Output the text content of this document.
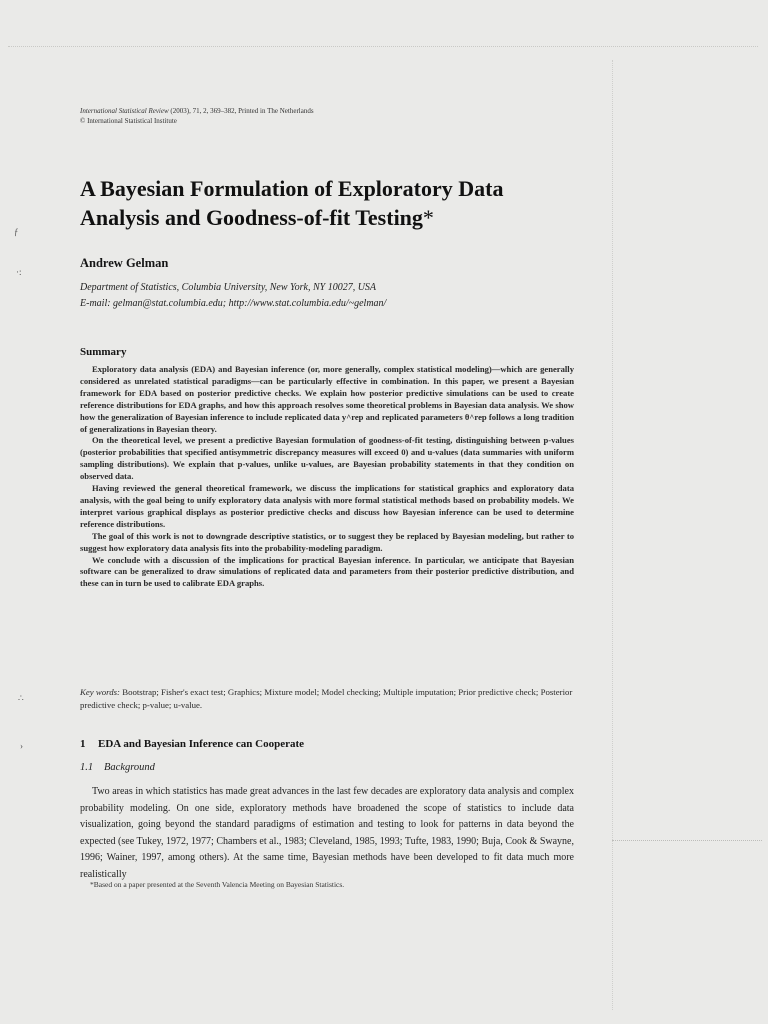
ƒ
·:
∴
›
International Statistical Review (2003), 71, 2, 369–382, Printed in The Netherlands
© International Statistical Institute
A Bayesian Formulation of Exploratory Data Analysis and Goodness-of-fit Testing*
Andrew Gelman
Department of Statistics, Columbia University, New York, NY 10027, USA
E-mail: gelman@stat.columbia.edu; http://www.stat.columbia.edu/~gelman/
Summary

Exploratory data analysis (EDA) and Bayesian inference (or, more generally, complex statistical modeling)—which are generally considered as unrelated statistical paradigms—can be particularly effective in combination. In this paper, we present a Bayesian framework for EDA based on posterior predictive checks. We explain how posterior predictive simulations can be used to create reference distributions for EDA graphs, and how this approach resolves some theoretical problems in Bayesian data analysis. We show how the generalization of Bayesian inference to include replicated data y^rep and replicated parameters θ^rep follows a long tradition of generalizations in Bayesian theory.

On the theoretical level, we present a predictive Bayesian formulation of goodness-of-fit testing, distinguishing between p-values (posterior probabilities that specified antisymmetric discrepancy measures will exceed 0) and u-values (data summaries with uniform sampling distributions). We explain that p-values, unlike u-values, are Bayesian probability statements in that they condition on observed data.

Having reviewed the general theoretical framework, we discuss the implications for statistical graphics and exploratory data analysis, with the goal being to unify exploratory data analysis with more formal statistical methods based on probability models. We interpret various graphical displays as posterior predictive checks and discuss how Bayesian inference can be used to determine reference distributions.

The goal of this work is not to downgrade descriptive statistics, or to suggest they be replaced by Bayesian modeling, but rather to suggest how exploratory data analysis fits into the probability-modeling paradigm.

We conclude with a discussion of the implications for practical Bayesian inference. In particular, we anticipate that Bayesian software can be generalized to draw simulations of replicated data and parameters from their posterior predictive distribution, and these can in turn be used to calibrate EDA graphs.

Key words: Bootstrap; Fisher's exact test; Graphics; Mixture model; Model checking; Multiple imputation; Prior predictive check; Posterior predictive check; p-value; u-value.
1 EDA and Bayesian Inference can Cooperate
1.1 Background

Two areas in which statistics has made great advances in the last few decades are exploratory data analysis and complex probability modeling. On one side, exploratory methods have broadened the scope of statistics to include data visualization, going beyond the standard paradigms of estimation and testing to look for patterns in data beyond the expected (see Tukey, 1972, 1977; Chambers et al., 1983; Cleveland, 1985, 1993; Tufte, 1983, 1990; Buja, Cook & Swayne, 1996; Wainer, 1997, among others). At the same time, Bayesian methods have been developed to fit data much more realistically

*Based on a paper presented at the Seventh Valencia Meeting on Bayesian Statistics.
